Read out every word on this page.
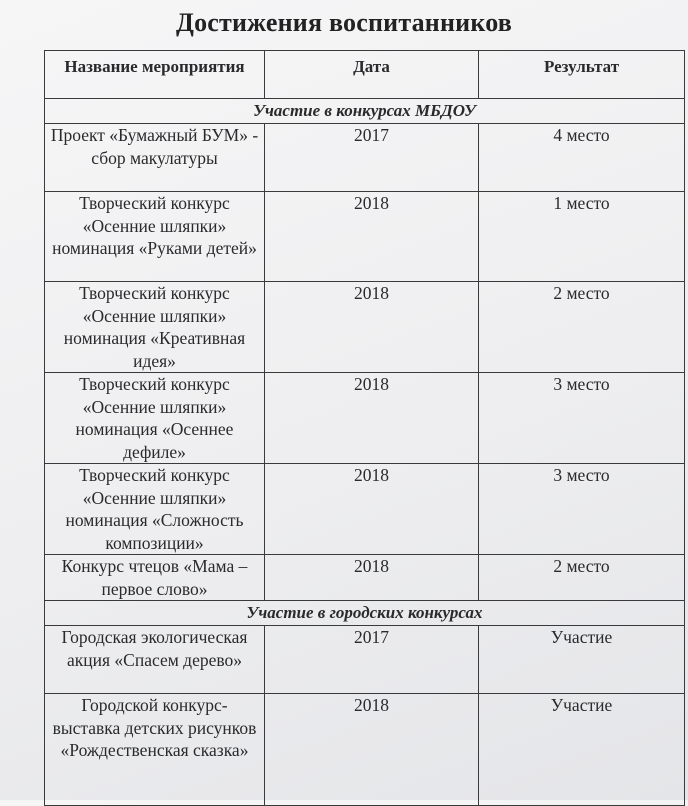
Достижения воспитанников
Название мероприятия	Дата	Результат
Участие в конкурсах МБДОУ		
Проект «Бумажный БУМ» - сбор макулатуры	2017	4 место
Творческий конкурс «Осенние шляпки» номинация «Руками детей»	2018	1 место
Творческий конкурс «Осенние шляпки» номинация «Креативная идея»	2018	2 место
Творческий конкурс «Осенние шляпки» номинация «Осеннее дефиле»	2018	3 место
Творческий конкурс «Осенние шляпки» номинация «Сложность композиции»	2018	3 место
Конкурс чтецов «Мама – первое слово»	2018	2 место
Участие в городских конкурсах		
Городская экологическая акция «Спасем дерево»	2017	Участие
Городской конкурс-выставка детских рисунков «Рождественская сказка»	2018	Участие
